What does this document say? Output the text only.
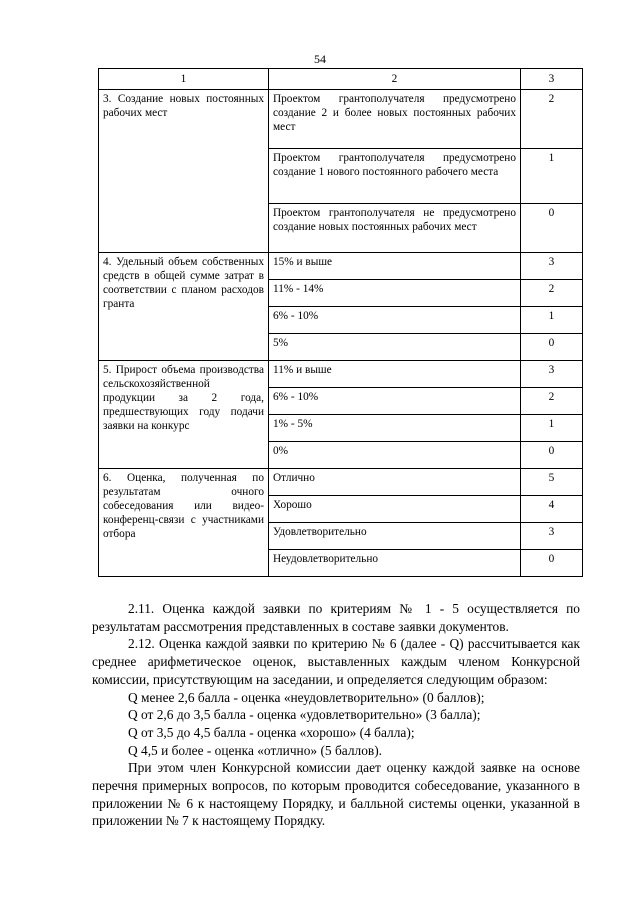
54
1	2	3
3. Создание новых постоянных рабочих мест	Проектом грантополучателя предусмотрено создание 2 и более новых постоянных рабочих мест	2
	Проектом грантополучателя предусмотрено создание 1 нового постоянного рабочего места	1
	Проектом грантополучателя не предусмотрено создание новых постоянных рабочих мест	0
4. Удельный объем собственных средств в общей сумме затрат в соответствии с планом расходов гранта	15% и выше	3
	11% - 14%	2
	6% - 10%	1
	5%	0
5. Прирост объема производства сельскохозяйственной продукции за 2 года, предшествующих году подачи заявки на конкурс	11% и выше	3
	6% - 10%	2
	1% - 5%	1
	0%	0
6. Оценка, полученная по результатам очного собеседования или видео-конференц-связи с участниками отбора	Отлично	5
	Хорошо	4
	Удовлетворительно	3
	Неудовлетворительно	0

2.11. Оценка каждой заявки по критериям № 1 - 5 осуществляется по результатам рассмотрения представленных в составе заявки документов.

2.12. Оценка каждой заявки по критерию № 6 (далее - Q) рассчитывается как среднее арифметическое оценок, выставленных каждым членом Конкурсной комиссии, присутствующим на заседании, и определяется следующим образом:

Q менее 2,6 балла - оценка «неудовлетворительно» (0 баллов);

Q от 2,6 до 3,5 балла - оценка «удовлетворительно» (3 балла);

Q от 3,5 до 4,5 балла - оценка «хорошо» (4 балла);

Q 4,5 и более - оценка «отлично» (5 баллов).

При этом член Конкурсной комиссии дает оценку каждой заявке на основе перечня примерных вопросов, по которым проводится собеседование, указанного в приложении № 6 к настоящему Порядку, и балльной системы оценки, указанной в приложении № 7 к настоящему Порядку.
